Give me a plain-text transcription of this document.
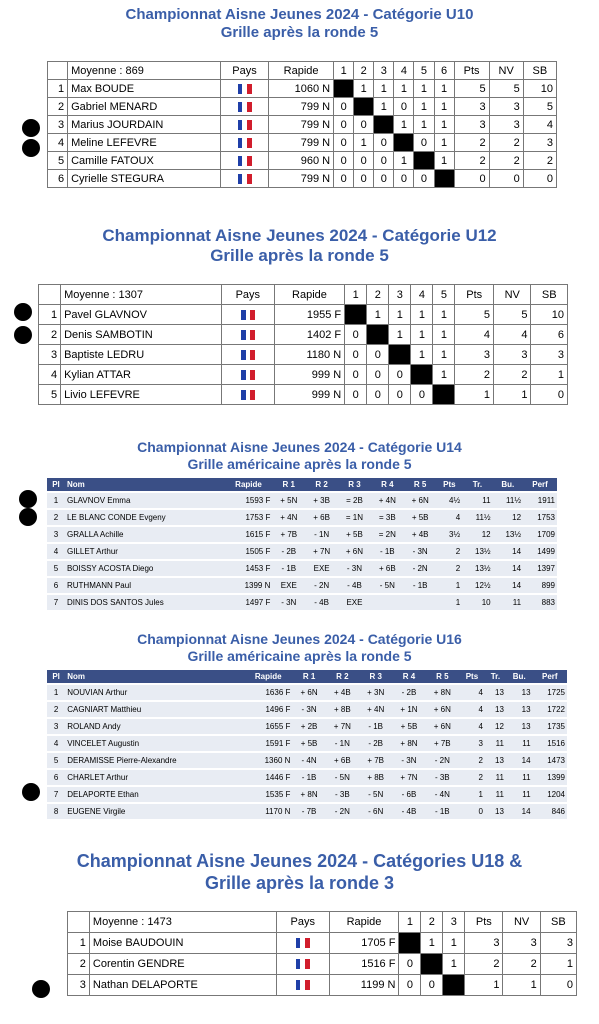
Championnat Aisne Jeunes 2024 - Catégorie U10
Grille après la ronde 5
	Moyenne : 869	Pays	Rapide	1	2	3	4	5	6	Pts	NV	SB
1	Max BOUDE		1060 N		1	1	1	1	1	5	5	10
2	Gabriel MENARD		799 N	0		1	0	1	1	3	3	5
3	Marius JOURDAIN		799 N	0	0		1	1	1	3	3	4
4	Meline LEFEVRE		799 N	0	1	0		0	1	2	2	3
5	Camille FATOUX		960 N	0	0	0	1		1	2	2	2
6	Cyrielle STEGURA		799 N	0	0	0	0	0		0	0	0
Championnat Aisne Jeunes 2024 - Catégorie U12
Grille après la ronde 5
	Moyenne : 1307	Pays	Rapide	1	2	3	4	5	Pts	NV	SB
1	Pavel GLAVNOV		1955 F		1	1	1	1	5	5	10
2	Denis SAMBOTIN		1402 F	0		1	1	1	4	4	6
3	Baptiste LEDRU		1180 N	0	0		1	1	3	3	3
4	Kylian ATTAR		999 N	0	0	0		1	2	2	1
5	Livio LEFEVRE		999 N	0	0	0	0		1	1	0
Championnat Aisne Jeunes 2024 - Catégorie U14
Grille américaine après la ronde 5
Pl	Nom	Rapide	R 1	R 2	R 3	R 4	R 5	Pts	Tr.	Bu.	Perf
1	GLAVNOV Emma	1593 F	+ 5N	+ 3B	= 2B	+ 4N	+ 6N	4½	11	11½	1911
2	LE BLANC CONDE Evgeny	1753 F	+ 4N	+ 6B	= 1N	= 3B	+ 5B	4	11½	12	1753
3	GRALLA Achille	1615 F	+ 7B	- 1N	+ 5B	= 2N	+ 4B	3½	12	13½	1709
4	GILLET Arthur	1505 F	- 2B	+ 7N	+ 6N	- 1B	- 3N	2	13½	14	1499
5	BOISSY ACOSTA Diego	1453 F	- 1B	EXE	- 3N	+ 6B	- 2N	2	13½	14	1397
6	RUTHMANN Paul	1399 N	EXE	- 2N	- 4B	- 5N	- 1B	1	12½	14	899
7	DINIS DOS SANTOS Jules	1497 F	- 3N	- 4B	EXE			1	10	11	883
Championnat Aisne Jeunes 2024 - Catégorie U16
Grille américaine après la ronde 5
Pl	Nom	Rapide	R 1	R 2	R 3	R 4	R 5	Pts	Tr.	Bu.	Perf
1	NOUVIAN Arthur	1636 F	+ 6N	+ 4B	+ 3N	- 2B	+ 8N	4	13	13	1725
2	CAGNIART Matthieu	1496 F	- 3N	+ 8B	+ 4N	+ 1N	+ 6N	4	13	13	1722
3	ROLAND Andy	1655 F	+ 2B	+ 7N	- 1B	+ 5B	+ 6N	4	12	13	1735
4	VINCELET Augustin	1591 F	+ 5B	- 1N	- 2B	+ 8N	+ 7B	3	11	11	1516
5	DERAMISSE Pierre-Alexandre	1360 N	- 4N	+ 6B	+ 7B	- 3N	- 2N	2	13	14	1473
6	CHARLET Arthur	1446 F	- 1B	- 5N	+ 8B	+ 7N	- 3B	2	11	11	1399
7	DELAPORTE Ethan	1535 F	+ 8N	- 3B	- 5N	- 6B	- 4N	1	11	11	1204
8	EUGENE Virgile	1170 N	- 7B	- 2N	- 6N	- 4B	- 1B	0	13	14	846
Championnat Aisne Jeunes 2024 - Catégories U18 &
Grille après la ronde 3
	Moyenne : 1473	Pays	Rapide	1	2	3	Pts	NV	SB
1	Moise BAUDOUIN		1705 F		1	1	3	3	3
2	Corentin GENDRE		1516 F	0		1	2	2	1
3	Nathan DELAPORTE		1199 N	0	0		1	1	0
